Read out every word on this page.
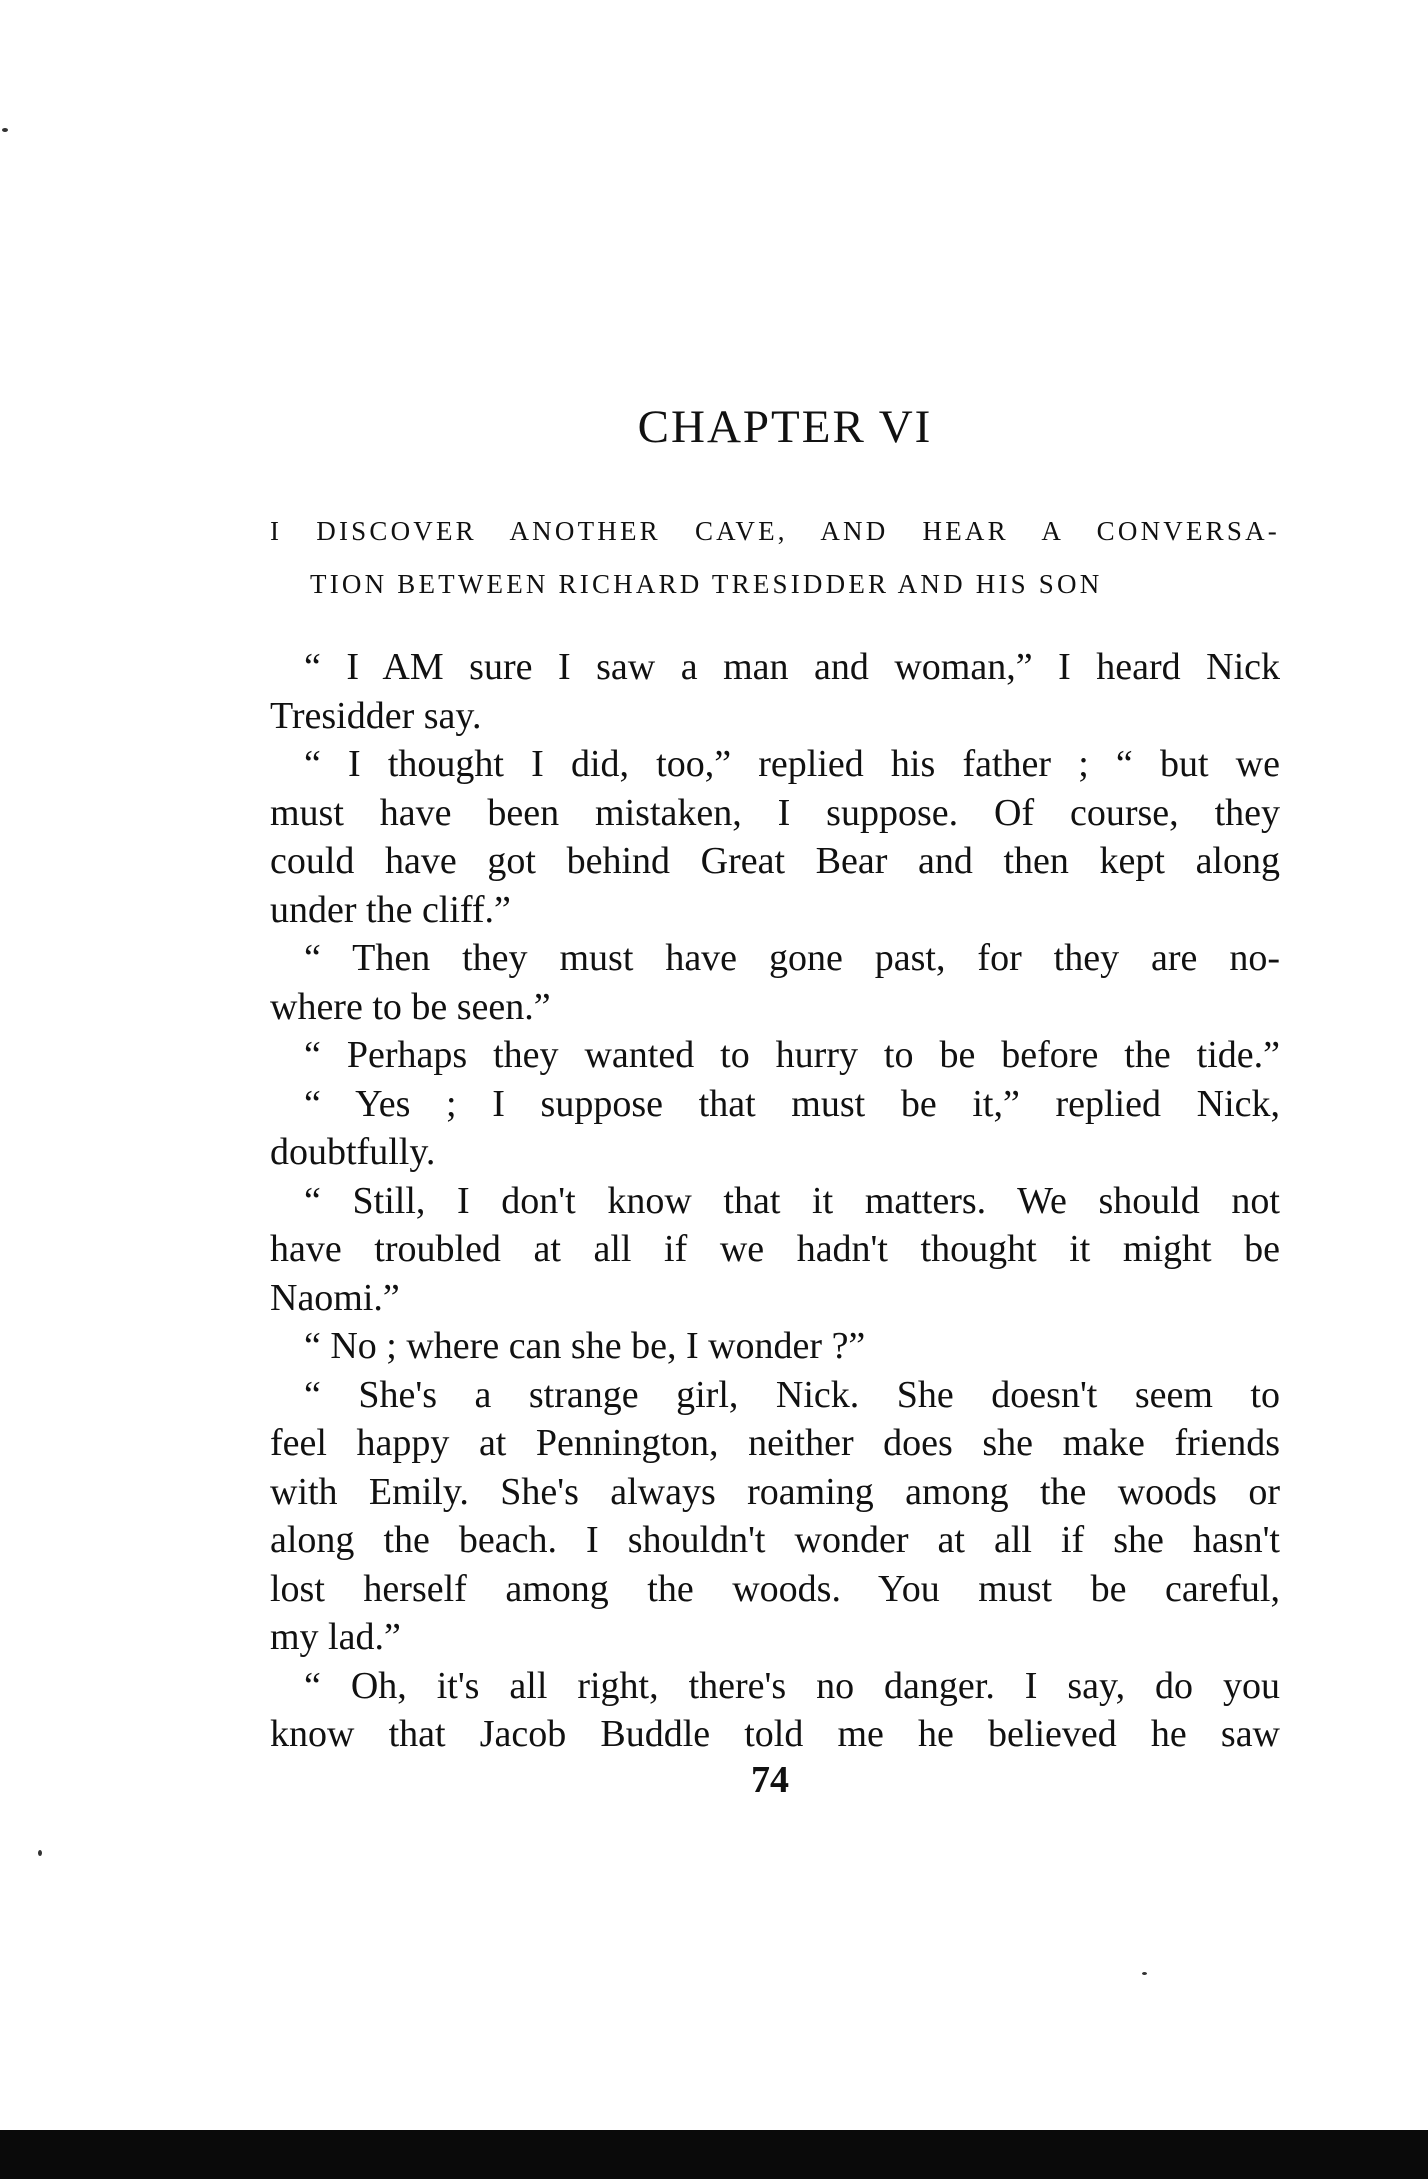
CHAPTER VI
I DISCOVER ANOTHER CAVE, AND HEAR A CONVERSA-
TION BETWEEN RICHARD TRESIDDER AND HIS SON
“ I AM sure I saw a man and woman,” I heard Nick
Tresidder say.
“ I thought I did, too,” replied his father ; “ but we
must have been mistaken, I suppose. Of course, they
could have got behind Great Bear and then kept along
under the cliff.”
“ Then they must have gone past, for they are no-
where to be seen.”
“ Perhaps they wanted to hurry to be before the tide.”
“ Yes ; I suppose that must be it,” replied Nick,
doubtfully.
“ Still, I don't know that it matters. We should not
have troubled at all if we hadn't thought it might be
Naomi.”
“ No ; where can she be, I wonder ?”
“ She's a strange girl, Nick. She doesn't seem to
feel happy at Pennington, neither does she make friends
with Emily. She's always roaming among the woods or
along the beach. I shouldn't wonder at all if she hasn't
lost herself among the woods. You must be careful,
my lad.”
“ Oh, it's all right, there's no danger. I say, do you
know that Jacob Buddle told me he believed he saw
74
